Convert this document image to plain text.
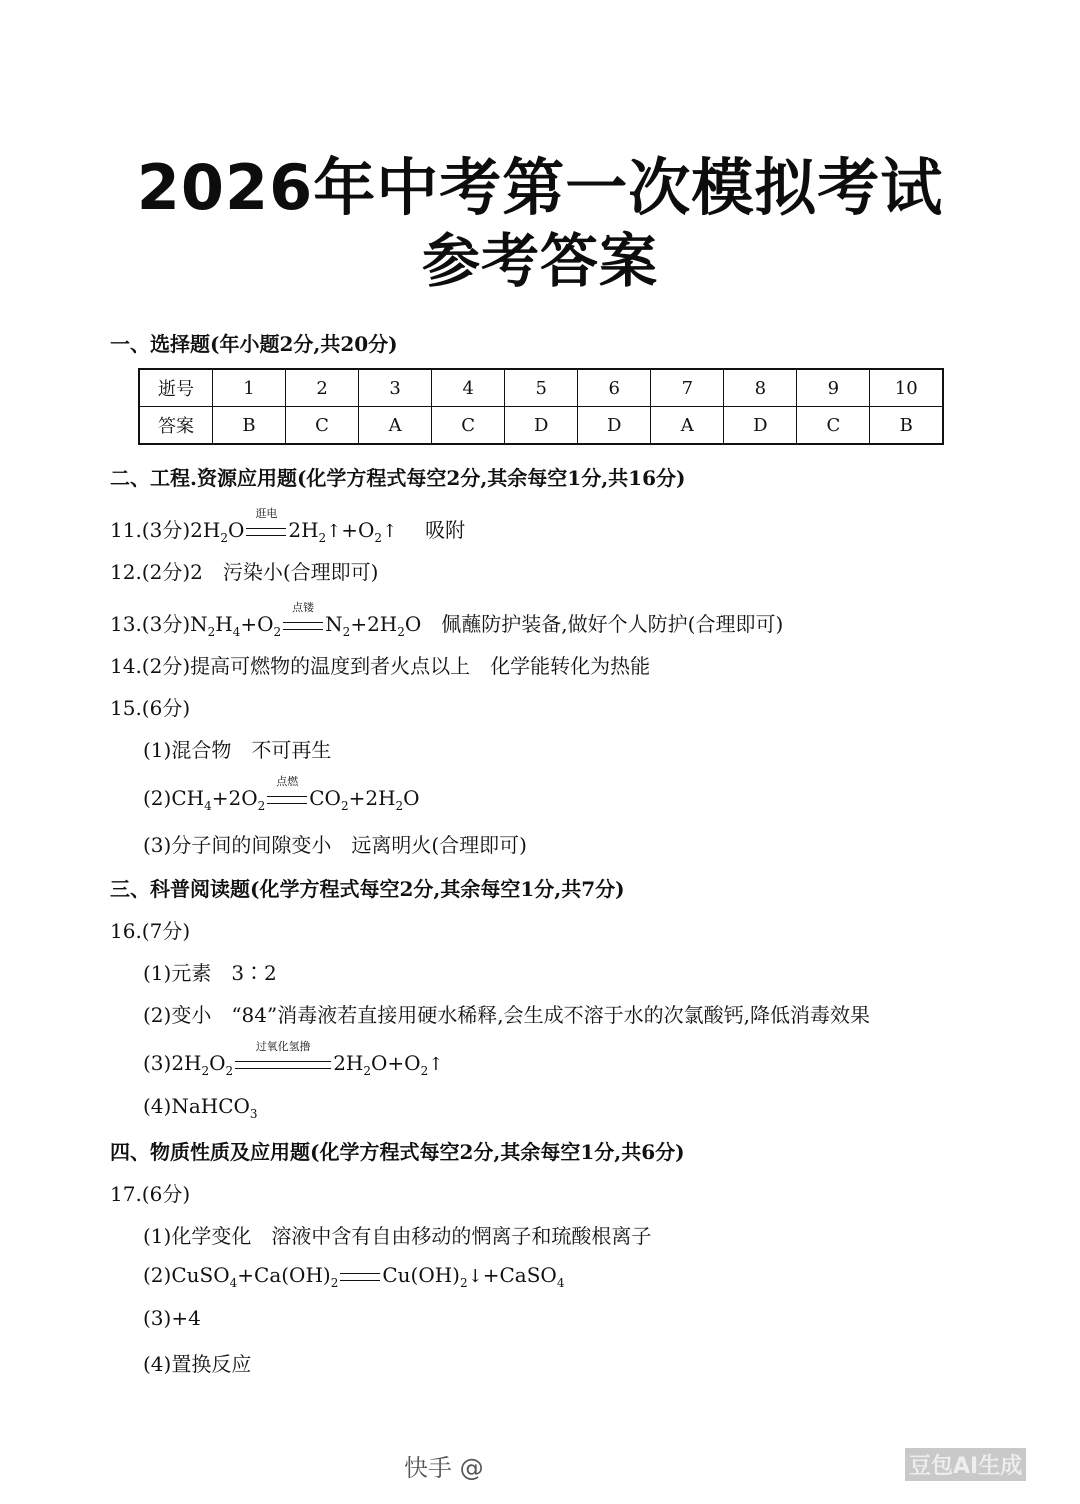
2026年中考第一次模拟考试
参考答案
一、选择题(年小题2分,共20分)
逝号	1	2	3	4	5	6	7	8	9	10
答案	B	C	A	C	D	D	A	D	C	B
二、工程.资源应用题(化学方程式每空2分,其余每空1分,共16分)
11.(3分)$2H_2O$
逛电
$2H_2↑+O_2↑$ 吸附
12.(2分)2　污染小(合理即可)
13.(3分)$N_2H_4+O_2$
点镂
$N_2+2H_2O$ 佩蘸防护装备,做好个人防护(合理即可)
14.(2分)提高可燃物的温度到者火点以上　化学能转化为热能
15.(6分)
(1)混合物　不可再生
$(2)CH_4+2O_2$
点燃
$CO_2+2H_2O$
(3)分子间的间隙变小　远离明火(合理即可)
三、科普阅读题(化学方程式每空2分,其余每空1分,共7分)
16.(7分)
(1)元素　3∶2
(2)变小　“84”消毒液若直接用硬水稀释,会生成不溶于水的次氯酸钙,降低消毒效果
$(3)2H_2O_2$
过氧化氢撸
$2H_2O+O_2↑$
(4)NaHCO$_3$
四、物质性质及应用题(化学方程式每空2分,其余每空1分,共6分)
17.(6分)
(1)化学变化　溶液中含有自由移动的惘离子和琉酸根离子
$(2)CuSO_4+Ca(OH)_2$ $Cu(OH)_2↓+CaSO_4$
(3)+4
(4)置换反应
快手 @	豆包AI生成
